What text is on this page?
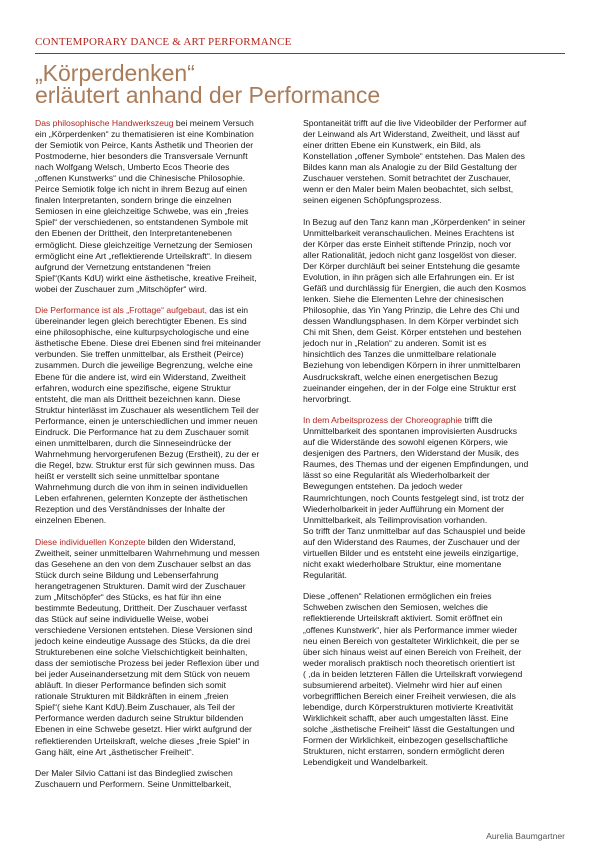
CONTEMPORARY DANCE & ART PERFORMANCE
„Körperdenken“
erläutert anhand der Performance

Das philosophische Handwerkszeug bei meinem Versuch
ein „Körperdenken“ zu thematisieren ist eine Kombination
der Semiotik von Peirce, Kants Ästhetik und Theorien der
Postmoderne, hier besonders die Transversale Vernunft
nach Wolfgang Welsch, Umberto Ecos Theorie des
„offenen Kunstwerks“ und die Chinesische Philosophie.
Peirce Semiotik folge ich nicht in ihrem Bezug auf einen
finalen Interpretanten, sondern bringe die einzelnen
Semiosen in eine gleichzeitige Schwebe, was ein „freies
Spiel“ der verschiedenen, so entstandenen Symbole mit
den Ebenen der Drittheit, den Interpretantenebenen
ermöglicht. Diese gleichzeitige Vernetzung der Semiosen
ermöglicht eine Art „reflektierende Urteilskraft“. In diesem
aufgrund der Vernetzung entstandenen “freien
Spiel“(Kants KdU) wirkt eine ästhetische, kreative Freiheit,
wobei der Zuschauer zum „Mitschöpfer“ wird.

Die Performance ist als „Frottage“ aufgebaut, das ist ein
übereinander legen gleich berechtigter Ebenen. Es sind
eine philosophische, eine kulturpsychologische und eine
ästhetische Ebene. Diese drei Ebenen sind frei miteinander
verbunden. Sie treffen unmittelbar, als Erstheit (Peirce)
zusammen. Durch die jeweilige Begrenzung, welche eine
Ebene für die andere ist, wird ein Widerstand, Zweitheit
erfahren, wodurch eine spezifische, eigene Struktur
entsteht, die man als Drittheit bezeichnen kann. Diese
Struktur hinterlässt im Zuschauer als wesentlichem Teil der
Performance, einen je unterschiedlichen und immer neuen
Eindruck. Die Performance hat zu dem Zuschauer somit
einen unmittelbaren, durch die Sinneseindrücke der
Wahrnehmung hervorgerufenen Bezug (Erstheit), zu der er
die Regel, bzw. Struktur erst für sich gewinnen muss. Das
heißt er verstellt sich seine unmittelbar spontane
Wahrnehmung durch die von ihm in seinen individuellen
Leben erfahrenen, gelernten Konzepte der ästhetischen
Rezeption und des Verständnisses der Inhalte der
einzelnen Ebenen.

Diese individuellen Konzepte bilden den Widerstand,
Zweitheit, seiner unmittelbaren Wahrnehmung und messen
das Gesehene an den von dem Zuschauer selbst an das
Stück durch seine Bildung und Lebenserfahrung
herangetragenen Strukturen. Damit wird der Zuschauer
zum „Mitschöpfer“ des Stücks, es hat für ihn eine
bestimmte Bedeutung, Drittheit. Der Zuschauer verfasst
das Stück auf seine individuelle Weise, wobei
verschiedene Versionen entstehen. Diese Versionen sind
jedoch keine eindeutige Aussage des Stücks, da die drei
Strukturebenen eine solche Vielschichtigkeit beinhalten,
dass der semiotische Prozess bei jeder Reflexion über und
bei jeder Auseinandersetzung mit dem Stück von neuem
abläuft. In dieser Performance befinden sich somit
rationale Strukturen mit Bildkräften in einem „freien
Spiel“( siehe Kant KdU).Beim Zuschauer, als Teil der
Performance werden dadurch seine Struktur bildenden
Ebenen in eine Schwebe gesetzt. Hier wirkt aufgrund der
reflektierenden Urteilskraft, welche dieses „freie Spiel“ in
Gang hält, eine Art „ästhetischer Freiheit“.

Der Maler Silvio Cattani ist das Bindeglied zwischen
Zuschauern und Performern. Seine Unmittelbarkeit,

Spontaneität trifft auf die live Videobilder der Performer auf
der Leinwand als Art Widerstand, Zweitheit, und lässt auf
einer dritten Ebene ein Kunstwerk, ein Bild, als
Konstellation „offener Symbole“ entstehen. Das Malen des
Bildes kann man als Analogie zu der Bild Gestaltung der
Zuschauer verstehen. Somit betrachtet der Zuschauer,
wenn er den Maler beim Malen beobachtet, sich selbst,
seinen eigenen Schöpfungsprozess.

In Bezug auf den Tanz kann man „Körperdenken“ in seiner
Unmittelbarkeit veranschaulichen. Meines Erachtens ist
der Körper das erste Einheit stiftende Prinzip, noch vor
aller Rationalität, jedoch nicht ganz losgelöst von dieser.
Der Körper durchläuft bei seiner Entstehung die gesamte
Evolution, in ihn prägen sich alle Erfahrungen ein. Er ist
Gefäß und durchlässig für Energien, die auch den Kosmos
lenken. Siehe die Elementen Lehre der chinesischen
Philosophie, das Yin Yang Prinzip, die Lehre des Chi und
dessen Wandlungsphasen. In dem Körper verbindet sich
Chi mit Shen, dem Geist. Körper entstehen und bestehen
jedoch nur in „Relation“ zu anderen. Somit ist es
hinsichtlich des Tanzes die unmittelbare relationale
Beziehung von lebendigen Körpern in ihrer unmittelbaren
Ausdruckskraft, welche einen energetischen Bezug
zueinander eingehen, der in der Folge eine Struktur erst
hervorbringt.

In dem Arbeitsprozess der Choreographie trifft die
Unmittelbarkeit des spontanen improvisierten Ausdrucks
auf die Widerstände des sowohl eigenen Körpers, wie
desjenigen des Partners, den Widerstand der Musik, des
Raumes, des Themas und der eigenen Empfindungen, und
lässt so eine Regularität als Wiederholbarkeit der
Bewegungen entstehen. Da jedoch weder
Raumrichtungen, noch Counts festgelegt sind, ist trotz der
Wiederholbarkeit in jeder Aufführung ein Moment der
Unmittelbarkeit, als Teilimprovisation vorhanden.
So trifft der Tanz unmittelbar auf das Schauspiel und beide
auf den Widerstand des Raumes, der Zuschauer und der
virtuellen Bilder und es entsteht eine jeweils einzigartige,
nicht exakt wiederholbare Struktur, eine momentane
Regularität.

Diese „offenen“ Relationen ermöglichen ein freies
Schweben zwischen den Semiosen, welches die
reflektierende Urteilskraft aktiviert. Somit eröffnet ein
„offenes Kunstwerk“, hier als Performance immer wieder
neu einen Bereich von gestalteter Wirklichkeit, die per se
über sich hinaus weist auf einen Bereich von Freiheit, der
weder moralisch praktisch noch theoretisch orientiert ist
( ,da in beiden letzteren Fällen die Urteilskraft vorwiegend
subsumierend arbeitet). Vielmehr wird hier auf einen
vorbegrifflichen Bereich einer Freiheit verwiesen, die als
lebendige, durch Körperstrukturen motivierte Kreativität
Wirklichkeit schafft, aber auch umgestalten lässt. Eine
solche „ästhetische Freiheit“ lässt die Gestaltungen und
Formen der Wirklichkeit, einbezogen gesellschaftliche
Strukturen, nicht erstarren, sondern ermöglicht deren
Lebendigkeit und Wandelbarkeit.

Aurelia Baumgartner
